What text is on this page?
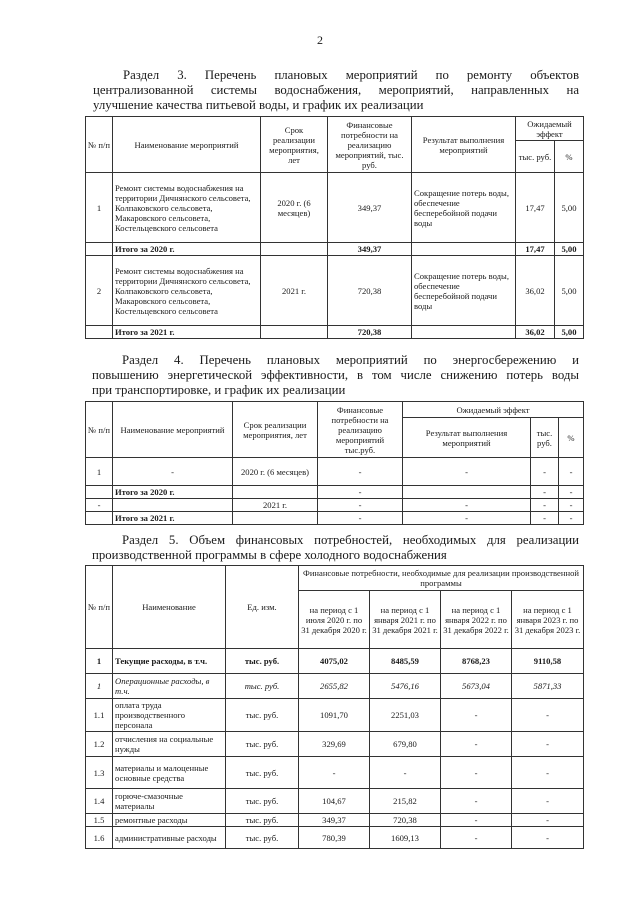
2
Раздел 3. Перечень плановых мероприятий по ремонту объектов
централизованной системы водоснабжения, мероприятий, направленных на
улучшение качества питьевой воды, и график их реализации
№ п/п	Наименование мероприятий	Срок реализации мероприятия, лет	Финансовые потребности на реализацию мероприятий, тыс. руб.	Результат выполнения мероприятий	Ожидаемый эффект	
					тыс. руб.	%
1	Ремонт системы водоснабжения на территории Дичнянского сельсовета, Колпаковского сельсовета, Макаровского сельсовета, Костельцевского сельсовета	2020 г. (6 месяцев)	349,37	Сокращение потерь воды, обеспечение бесперебойной подачи воды	17,47	5,00
	Итого за 2020 г.		349,37		17,47	5,00
2	Ремонт системы водоснабжения на территории Дичнянского сельсовета, Колпаковского сельсовета, Макаровского сельсовета, Костельцевского сельсовета	2021 г.	720,38	Сокращение потерь воды, обеспечение бесперебойной подачи воды	36,02	5,00
	Итого за 2021 г.		720,38		36,02	5,00
Раздел 4. Перечень плановых мероприятий по энергосбережению и
повышению энергетической эффективности, в том числе снижению потерь воды
при транспортировке, и график их реализации
№ п/п	Наименование мероприятий	Срок реализации мероприятия, лет	Финансовые потребности на реализацию мероприятий тыс.руб.	Ожидаемый эффект		
				Результат выполнения мероприятий	тыс. руб.	%
1	-	2020 г. (6 месяцев)	-	-	-	-
	Итого за 2020 г.		-		-	-
-		2021 г.	-	-	-	-
	Итого за 2021 г.		-	-	-	-
Раздел 5. Объем финансовых потребностей, необходимых для реализации
производственной программы в сфере холодного водоснабжения
№ п/п	Наименование	Ед. изм.	Финансовые потребности, необходимые для реализации производственной программы			
			на период с 1 июля 2020 г. по 31 декабря 2020 г.	на период с 1 января 2021 г. по 31 декабря 2021 г.	на период с 1 января 2022 г. по 31 декабря 2022 г.	на период с 1 января 2023 г. по 31 декабря 2023 г.
1	Текущие расходы, в т.ч.	тыс. руб.	4075,02	8485,59	8768,23	9110,58
1	Операционные расходы, в т.ч.	тыс. руб.	2655,82	5476,16	5673,04	5871,33
1.1	оплата труда производственного персонала	тыс. руб.	1091,70	2251,03	-	-
1.2	отчисления на социальные нужды	тыс. руб.	329,69	679,80	-	-
1.3	материалы и малоценные основные средства	тыс. руб.	-	-	-	-
1.4	горюче-смазочные материалы	тыс. руб.	104,67	215,82	-	-
1.5	ремонтные расходы	тыс. руб.	349,37	720,38	-	-
1.6	административные расходы	тыс. руб.	780,39	1609,13	-	-
